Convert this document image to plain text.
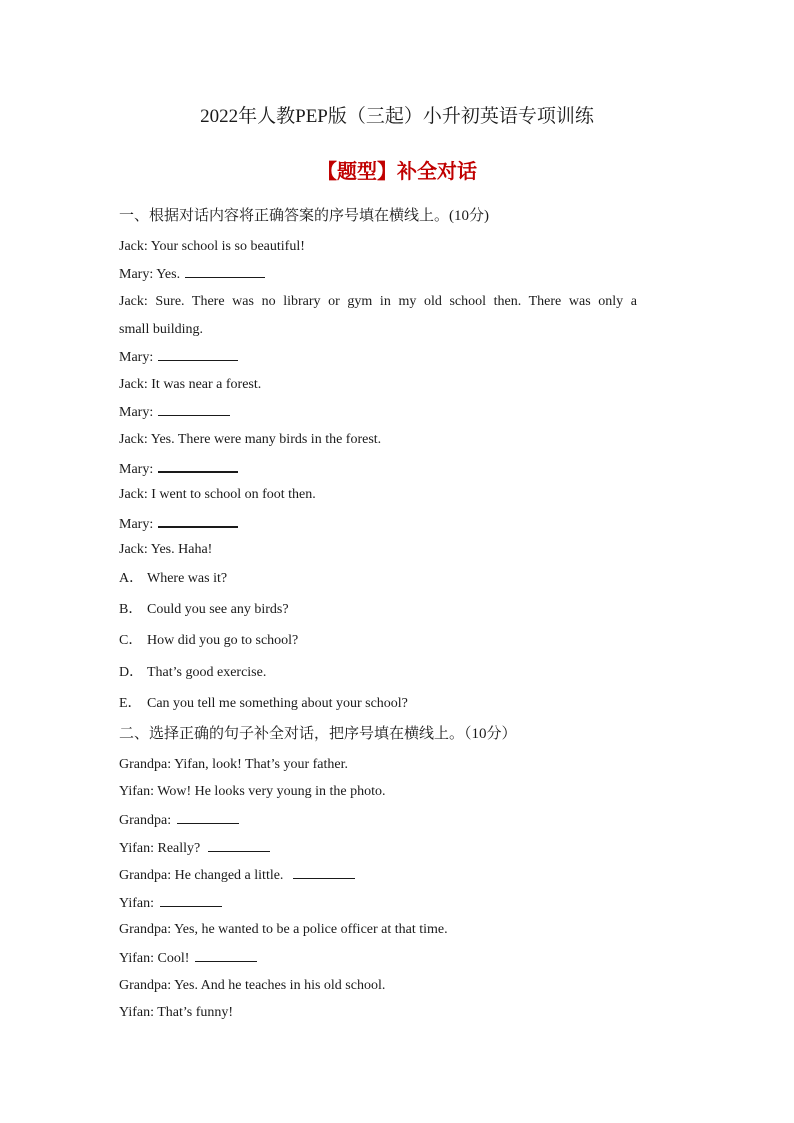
2022年人教PEP版（三起）小升初英语专项训练
【题型】补全对话
一、根据对话内容将正确答案的序号填在横线上。(10分)
Jack: Your school is so beautiful!
Mary: Yes.
Jack: Sure. There was no library or gym in my old school then. There was only a
small building.
Mary:
Jack: It was near a forest.
Mary:
Jack: Yes. There were many birds in the forest.
Mary:
Jack: I went to school on foot then.
Mary:
Jack: Yes. Haha!
A． Where was it?
B． Could you see any birds?
C． How did you go to school?
D． That’s good exercise.
E． Can you tell me something about your school?
二、选择正确的句子补全对话，把序号填在横线上。（10分）
Grandpa: Yifan, look! That’s your father.
Yifan: Wow! He looks very young in the photo.
Grandpa:
Yifan: Really?
Grandpa: He changed a little.
Yifan:
Grandpa: Yes, he wanted to be a police officer at that time.
Yifan: Cool!
Grandpa: Yes. And he teaches in his old school.
Yifan: That’s funny!
